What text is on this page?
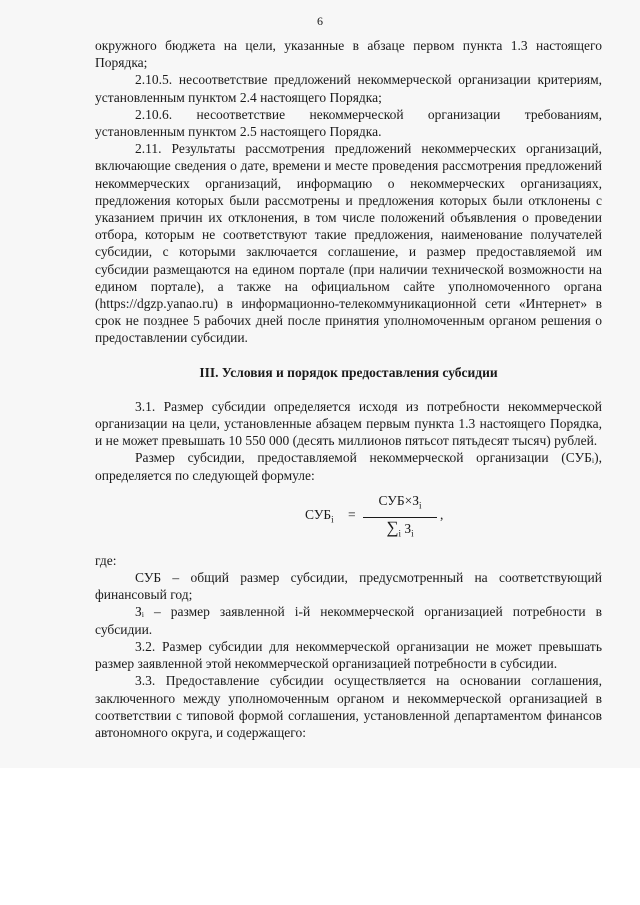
6

окружного бюджета на цели, указанные в абзаце первом пункта 1.3 настоящего Порядка;

2.10.5. несоответствие предложений некоммерческой организации критериям, установленным пунктом 2.4 настоящего Порядка;

2.10.6. несоответствие некоммерческой организации требованиям, установленным пунктом 2.5 настоящего Порядка.

2.11. Результаты рассмотрения предложений некоммерческих организаций, включающие сведения о дате, времени и месте проведения рассмотрения предложений некоммерческих организаций, информацию о некоммерческих организациях, предложения которых были рассмотрены и предложения которых были отклонены с указанием причин их отклонения, в том числе положений объявления о проведении отбора, которым не соответствуют такие предложения, наименование получателей субсидии, с которыми заключается соглашение, и размер предоставляемой им субсидии размещаются на едином портале (при наличии технической возможности на едином портале), а также на официальном сайте уполномоченного органа (https://dgzp.yanao.ru) в информационно-телекоммуникационной сети «Интернет» в срок не позднее 5 рабочих дней после принятия уполномоченным органом решения о предоставлении субсидии.

III. Условия и порядок предоставления субсидии

3.1. Размер субсидии определяется исходя из потребности некоммерческой организации на цели, установленные абзацем первым пункта 1.3 настоящего Порядка, и не может превышать 10 550 000 (десять миллионов пятьсот пятьдесят тысяч) рублей.

Размер субсидии, предоставляемой некоммерческой организации (СУБᵢ), определяется по следующей формуле:

$СУБ_i$ =
$СУБ\times З_i$
$\sum_i$ $З_i$
,

где:

СУБ – общий размер субсидии, предусмотренный на соответствующий финансовый год;

Зᵢ – размер заявленной i-й некоммерческой организацией потребности в субсидии.

3.2. Размер субсидии для некоммерческой организации не может превышать размер заявленной этой некоммерческой организацией потребности в субсидии.

3.3. Предоставление субсидии осуществляется на основании соглашения, заключенного между уполномоченным органом и некоммерческой организацией в соответствии с типовой формой соглашения, установленной департаментом финансов автономного округа, и содержащего:
